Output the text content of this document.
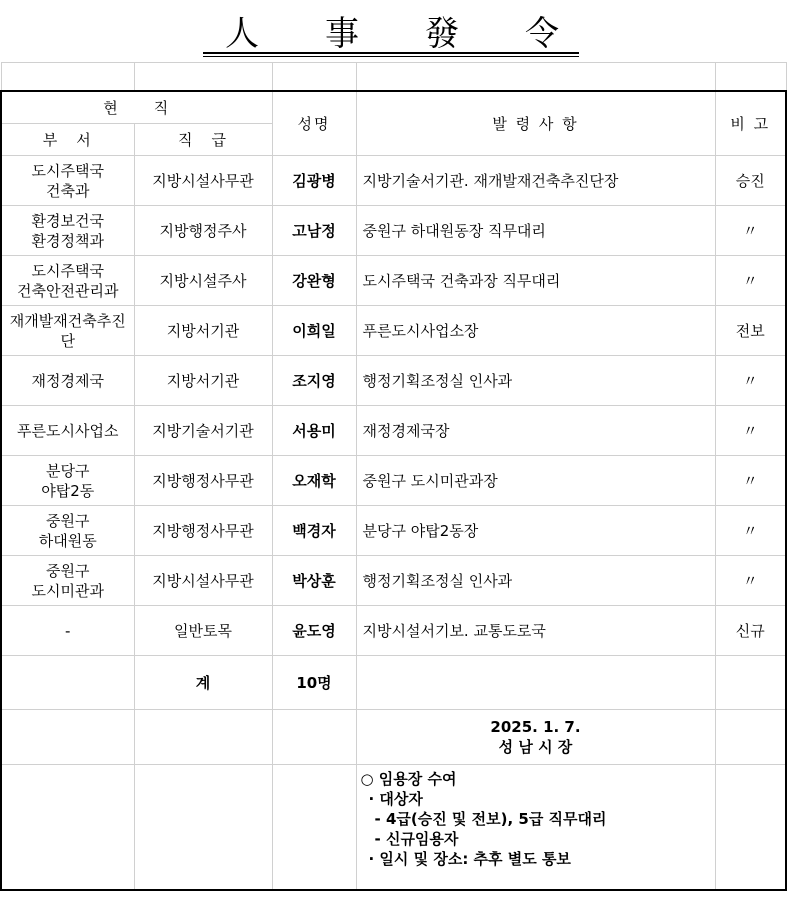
人 事 發 令

현　　직		성명	발 령 사 항	비 고
부　서	직　급			

도시주택국
건축과	지방시설사무관	김광병	지방기술서기관. 재개발재건축추진단장	승진

환경보건국
환경정책과	지방행정주사	고남정	중원구 하대원동장 직무대리	〃

도시주택국
건축안전관리과	지방시설주사	강완형	도시주택국 건축과장 직무대리	〃

재개발재건축추진
단	지방서기관	이희일	푸른도시사업소장	전보

재정경제국	지방서기관	조지영	행정기획조정실 인사과	〃

푸른도시사업소	지방기술서기관	서용미	재정경제국장	〃

분당구
야탑2동	지방행정사무관	오재학	중원구 도시미관과장	〃

중원구
하대원동	지방행정사무관	백경자	분당구 야탑2동장	〃

중원구
도시미관과	지방시설사무관	박상훈	행정기획조정실 인사과	〃

-	일반토목	윤도영	지방시설서기보. 교통도로국	신규
	계	10명		

			2025. 1. 7.
성 남 시 장	

			○ 임용장 수여
· 대상자
- 4급(승진 및 전보), 5급 직무대리
- 신규임용자
· 일시 및 장소: 추후 별도 통보	
